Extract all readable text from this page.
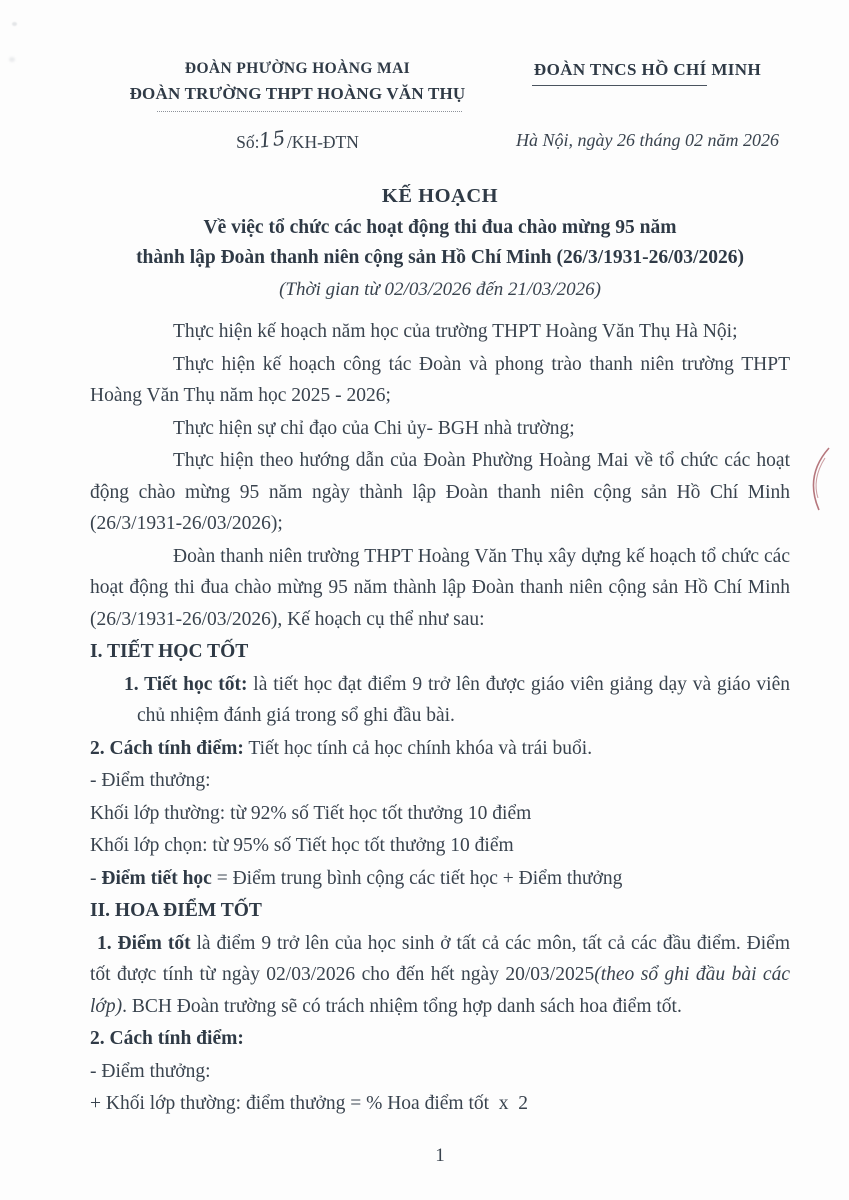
ĐOÀN PHƯỜNG HOÀNG MAI
ĐOÀN TRƯỜNG THPT HOÀNG VĂN THỤ
Số:15/KH-ĐTN
ĐOÀN TNCS HỒ CHÍ MINH
Hà Nội, ngày 26 tháng 02 năm 2026
KẾ HOẠCH
Về việc tổ chức các hoạt động thi đua chào mừng 95 năm
thành lập Đoàn thanh niên cộng sản Hồ Chí Minh (26/3/1931-26/03/2026)
(Thời gian từ 02/03/2026 đến 21/03/2026)

Thực hiện kế hoạch năm học của trường THPT Hoàng Văn Thụ Hà Nội;

Thực hiện kế hoạch công tác Đoàn và phong trào thanh niên trường THPT Hoàng Văn Thụ năm học 2025 - 2026;

Thực hiện sự chỉ đạo của Chi ủy- BGH nhà trường;

Thực hiện theo hướng dẫn của Đoàn Phường Hoàng Mai về tổ chức các hoạt động chào mừng 95 năm ngày thành lập Đoàn thanh niên cộng sản Hồ Chí Minh (26/3/1931-26/03/2026);

Đoàn thanh niên trường THPT Hoàng Văn Thụ xây dựng kế hoạch tổ chức các hoạt động thi đua chào mừng 95 năm thành lập Đoàn thanh niên cộng sản Hồ Chí Minh (26/3/1931-26/03/2026), Kế hoạch cụ thể như sau:

I. TIẾT HỌC TỐT

1. Tiết học tốt: là tiết học đạt điểm 9 trở lên được giáo viên giảng dạy và giáo viên chủ nhiệm đánh giá trong sổ ghi đầu bài.

2. Cách tính điểm: Tiết học tính cả học chính khóa và trái buổi.

- Điểm thưởng:

Khối lớp thường: từ 92% số Tiết học tốt thưởng 10 điểm

Khối lớp chọn: từ 95% số Tiết học tốt thưởng 10 điểm

- Điểm tiết học = Điểm trung bình cộng các tiết học + Điểm thưởng

II. HOA ĐIỂM TỐT

1. Điểm tốt là điểm 9 trở lên của học sinh ở tất cả các môn, tất cả các đầu điểm. Điểm tốt được tính từ ngày 02/03/2026 cho đến hết ngày 20/03/2025(theo sổ ghi đầu bài các lớp). BCH Đoàn trường sẽ có trách nhiệm tổng hợp danh sách hoa điểm tốt.

2. Cách tính điểm:

- Điểm thưởng:

+ Khối lớp thường: điểm thưởng = % Hoa điểm tốt  x  2

1
